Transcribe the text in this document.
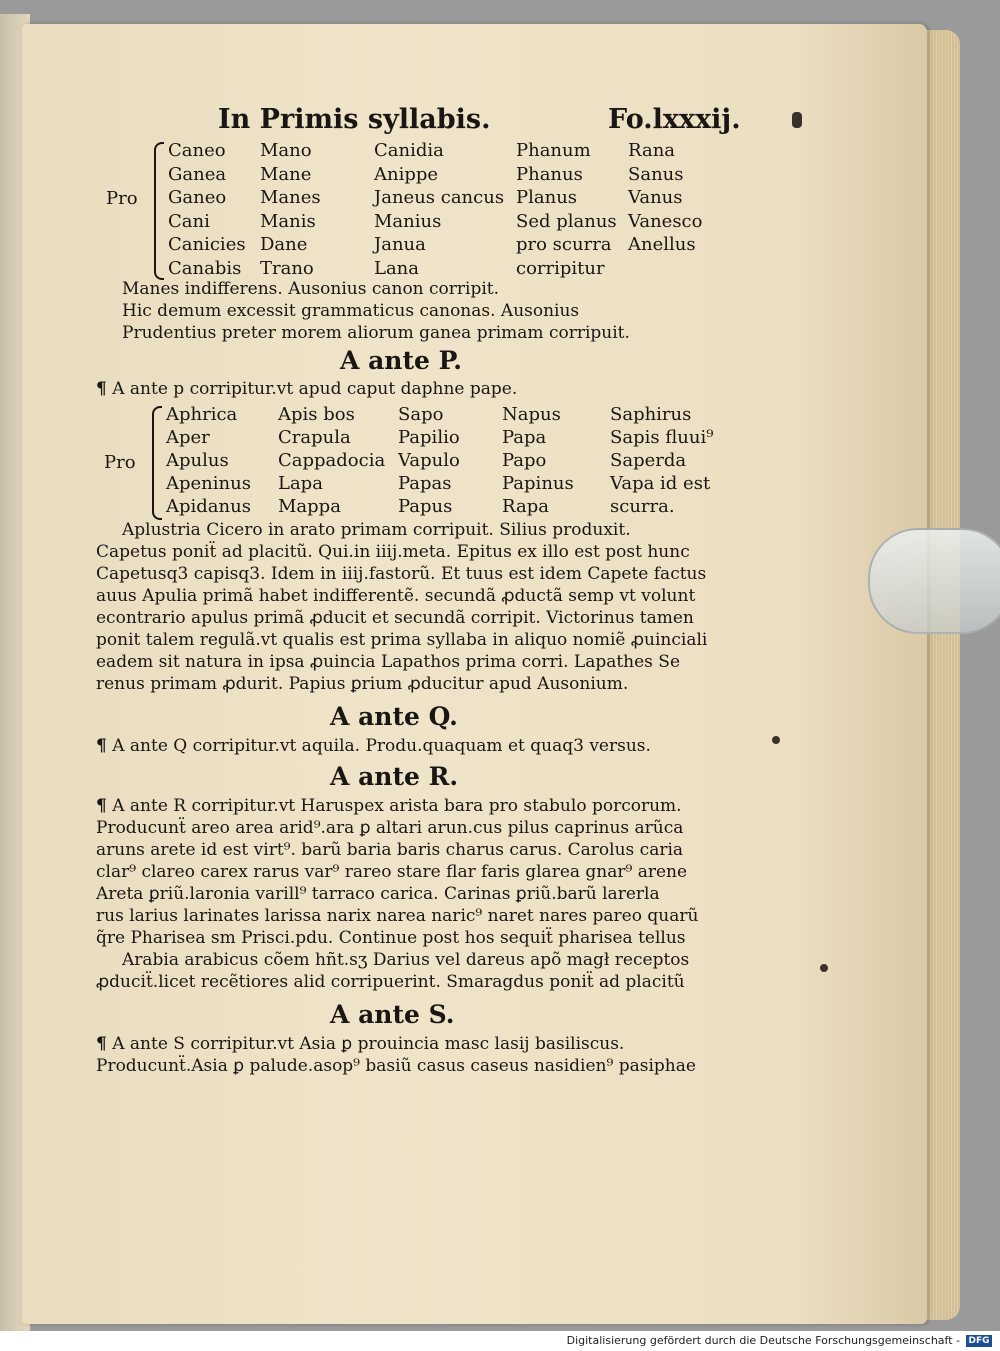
In Primis syllabis.	Fo.lxxxij.
Pro
Caneo
Ganea
Ganeo
Cani
Canicies
Canabis
Mano
Mane
Manes
Manis
Dane
Trano
Canidia
Anippe
Janeus cancus
Manius
Janua
Lana
Phanum
Phanus
Planus
Sed planus
pro scurra
corripitur
Rana
Sanus
Vanus
Vanesco
Anellus
Manes indifferens. Ausonius canon corripit.
Hic demum excessit grammaticus canonas. Ausonius
Prudentius preter morem aliorum ganea primam corripuit.
A ante P.
¶ A ante p corripitur.vt apud caput daphne pape.
Pro
Aphrica
Aper
Apulus
Apeninus
Apidanus
Apis bos
Crapula
Cappadocia
Lapa
Mappa
Sapo
Papilio
Vapulo
Papas
Papus
Napus
Papa
Papo
Papinus
Rapa
Saphirus
Sapis fluui⁹
Saperda
Vapa id est
scurra.
Aplustria Cicero in arato primam corripuit. Silius produxit.
Capetus poniẗ ad placitũ. Qui.in iiij.meta. Epitus ex illo est post hunc
Capetusq3 capisq3. Idem in iiij.fastorũ. Et tuus est idem Capete factus
auus Apulia primã habet indifferentẽ. secundã ꝓductã semp vt volunt
econtrario apulus primã ꝓducit et secundã corripit. Victorinus tamen
ponit talem regulã.vt qualis est prima syllaba in aliquo nomiẽ ꝓuinciali
eadem sit natura in ipsa ꝓuincia Lapathos prima corri. Lapathes Se
renus primam ꝓdurit. Papius ꝑrium ꝓducitur apud Ausonium.
A ante Q.
¶ A ante Q corripitur.vt aquila. Produ.quaquam et quaq3 versus.
A ante R.
¶ A ante R corripitur.vt Haruspex arista bara pro stabulo porcorum.
Producunẗ areo area arid⁹.ara ꝑ altari arun.cus pilus caprinus arũca
aruns arete id est virt⁹. barũ baria baris charus carus. Carolus caria
clar⁹ clareo carex rarus var⁹ rareo stare flar faris glarea gnar⁹ arene
Areta ꝑriũ.laronia varill⁹ tarraco carica. Carinas ꝑriũ.barũ larerla
rus larius larinates larissa narix narea naric⁹ naret nares pareo quarũ
q̃re Pharisea sm Prisci.pdu. Continue post hos sequiẗ pharisea tellus
Arabia arabicus cõem hñt.sʒ Darius vel dareus apõ magł receptos
ꝓduciẗ.licet recẽtiores alid corripuerint. Smaragdus poniẗ ad placitũ
A ante S.
¶ A ante S corripitur.vt Asia ꝑ prouincia masc lasij basiliscus.
Producunẗ.Asia ꝑ palude.asop⁹ basiũ casus caseus nasidien⁹ pasiphae
Digitalisierung gefördert durch die Deutsche Forschungsgemeinschaft - DFG
